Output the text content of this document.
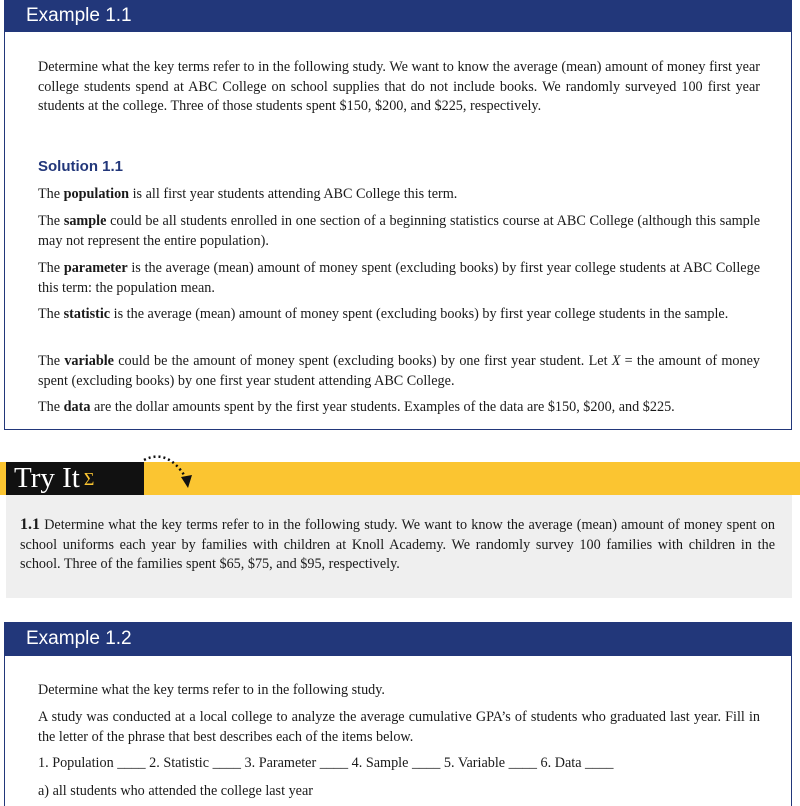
Example 1.1

Determine what the key terms refer to in the following study. We want to know the average (mean) amount of money first year college students spend at ABC College on school supplies that do not include books. We randomly surveyed 100 first year students at the college. Three of those students spent $150, $200, and $225, respectively.

Solution 1.1

The population is all first year students attending ABC College this term.

The sample could be all students enrolled in one section of a beginning statistics course at ABC College (although this sample may not represent the entire population).

The parameter is the average (mean) amount of money spent (excluding books) by first year college students at ABC College this term: the population mean.

The statistic is the average (mean) amount of money spent (excluding books) by first year college students in the sample.

The variable could be the amount of money spent (excluding books) by one first year student. Let X = the amount of money spent (excluding books) by one first year student attending ABC College.

The data are the dollar amounts spent by the first year students. Examples of the data are $150, $200, and $225.

Try It Σ

1.1 Determine what the key terms refer to in the following study. We want to know the average (mean) amount of money spent on school uniforms each year by families with children at Knoll Academy. We randomly survey 100 families with children in the school. Three of the families spent $65, $75, and $95, respectively.

Example 1.2

Determine what the key terms refer to in the following study.

A study was conducted at a local college to analyze the average cumulative GPA’s of students who graduated last year. Fill in the letter of the phrase that best describes each of the items below.

1. Population ____ 2. Statistic ____ 3. Parameter ____ 4. Sample ____ 5. Variable ____ 6. Data ____

a) all students who attended the college last year
